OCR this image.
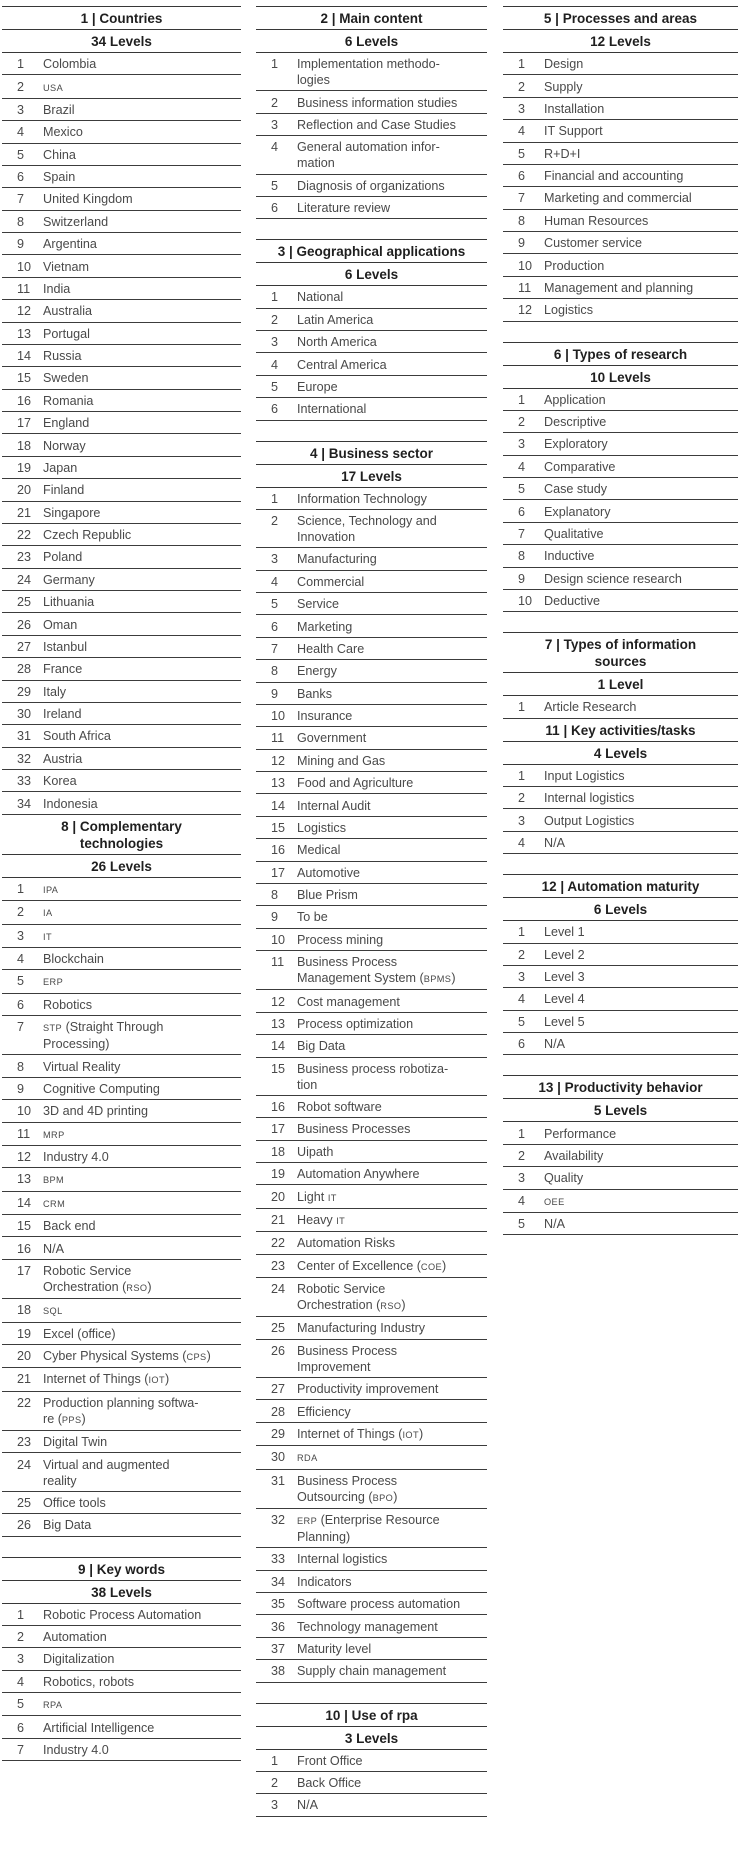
1 | Countries
34 Levels
1	Colombia
2	USA
3	Brazil
4	Mexico
5	China
6	Spain
7	United Kingdom
8	Switzerland
9	Argentina
10 Vietnam
11	India
12 Australia
13 Portugal
14 Russia
15 Sweden
16 Romania
17 England
18 Norway
19 Japan
20 Finland
21 Singapore
22 Czech Republic
23 Poland
24 Germany
25 Lithuania
26 Oman
27 Istanbul
28 France
29 Italy
30 Ireland
31 South Africa
32 Austria
33 Korea
34 Indonesia
8 | Complementary
technologies
26 Levels
1	IPA
2	IA
3	IT
4	Blockchain
5	ERP
6	Robotics
7	STP (Straight Through
Processing)
8	Virtual Reality
9	Cognitive Computing
10 3D and 4D printing
11	MRP
12 Industry 4.0
13	BPM
14	CRM
15 Back end
16 N/A
17 Robotic Service
Orchestration (RSO)
18	SQL
19 Excel (office)
20 Cyber Physical Systems (CPS)
21 Internet of Things (IOT)
22 Production planning softwa-
re (PPS)
23 Digital Twin
24 Virtual and augmented
reality
25 Office tools
26 Big Data
9 | Key words
38 Levels
1	Robotic Process Automation
2	Automation
3	Digitalization
4	Robotics, robots
5	RPA
6	Artificial Intelligence
7	Industry 4.0
2 | Main content
6 Levels
1	Implementation methodo-
logies
2	Business information studies
3	Reflection and Case Studies
4	General automation infor-
mation
5	Diagnosis of organizations
6	Literature review
3 | Geographical applications
6 Levels
1	National
2	Latin America
3	North America
4	Central America
5	Europe
6	International
4 | Business sector
17 Levels
1	Information Technology
2	Science, Technology and
Innovation
3	Manufacturing
4	Commercial
5	Service
6	Marketing
7	Health Care
8	Energy
9	Banks
10 Insurance
11	Government
12 Mining and Gas
13 Food and Agriculture
14 Internal Audit
15 Logistics
16 Medical
17 Automotive
8	Blue Prism
9	To be
10 Process mining
11	Business Process
Management System (BPMS)
12 Cost management
13 Process optimization
14 Big Data
15 Business process robotiza-
tion
16 Robot software
17 Business Processes
18 Uipath
19 Automation Anywhere
20 Light IT
21 Heavy IT
22 Automation Risks
23 Center of Excellence (COE)
24 Robotic Service
Orchestration (RSO)
25 Manufacturing Industry
26 Business Process
Improvement
27 Productivity improvement
28 Efficiency
29 Internet of Things (IOT)
30	RDA
31 Business Process
Outsourcing (BPO)
32	ERP (Enterprise Resource
Planning)
33 Internal logistics
34 Indicators
35 Software process automation
36 Technology management
37 Maturity level
38 Supply chain management
10 | Use of rpa
3 Levels
1	Front Office
2	Back Office
3	N/A
5 | Processes and areas
12 Levels
1	Design
2	Supply
3	Installation
4	IT Support
5	R+D+I
6	Financial and accounting
7	Marketing and commercial
8	Human Resources
9	Customer service
10 Production
11	Management and planning
12 Logistics
6 | Types of research
10 Levels
1	Application
2	Descriptive
3	Exploratory
4	Comparative
5	Case study
6	Explanatory
7	Qualitative
8	Inductive
9	Design science research
10 Deductive
7 | Types of information
sources
1 Level
1	Article Research
11 | Key activities/tasks
4 Levels
1	Input Logistics
2	Internal logistics
3	Output Logistics
4	N/A
12 | Automation maturity
6 Levels
1	Level 1
2	Level 2
3	Level 3
4	Level 4
5	Level 5
6	N/A
13 | Productivity behavior
5 Levels
1	Performance
2	Availability
3	Quality
4	OEE
5	N/A
